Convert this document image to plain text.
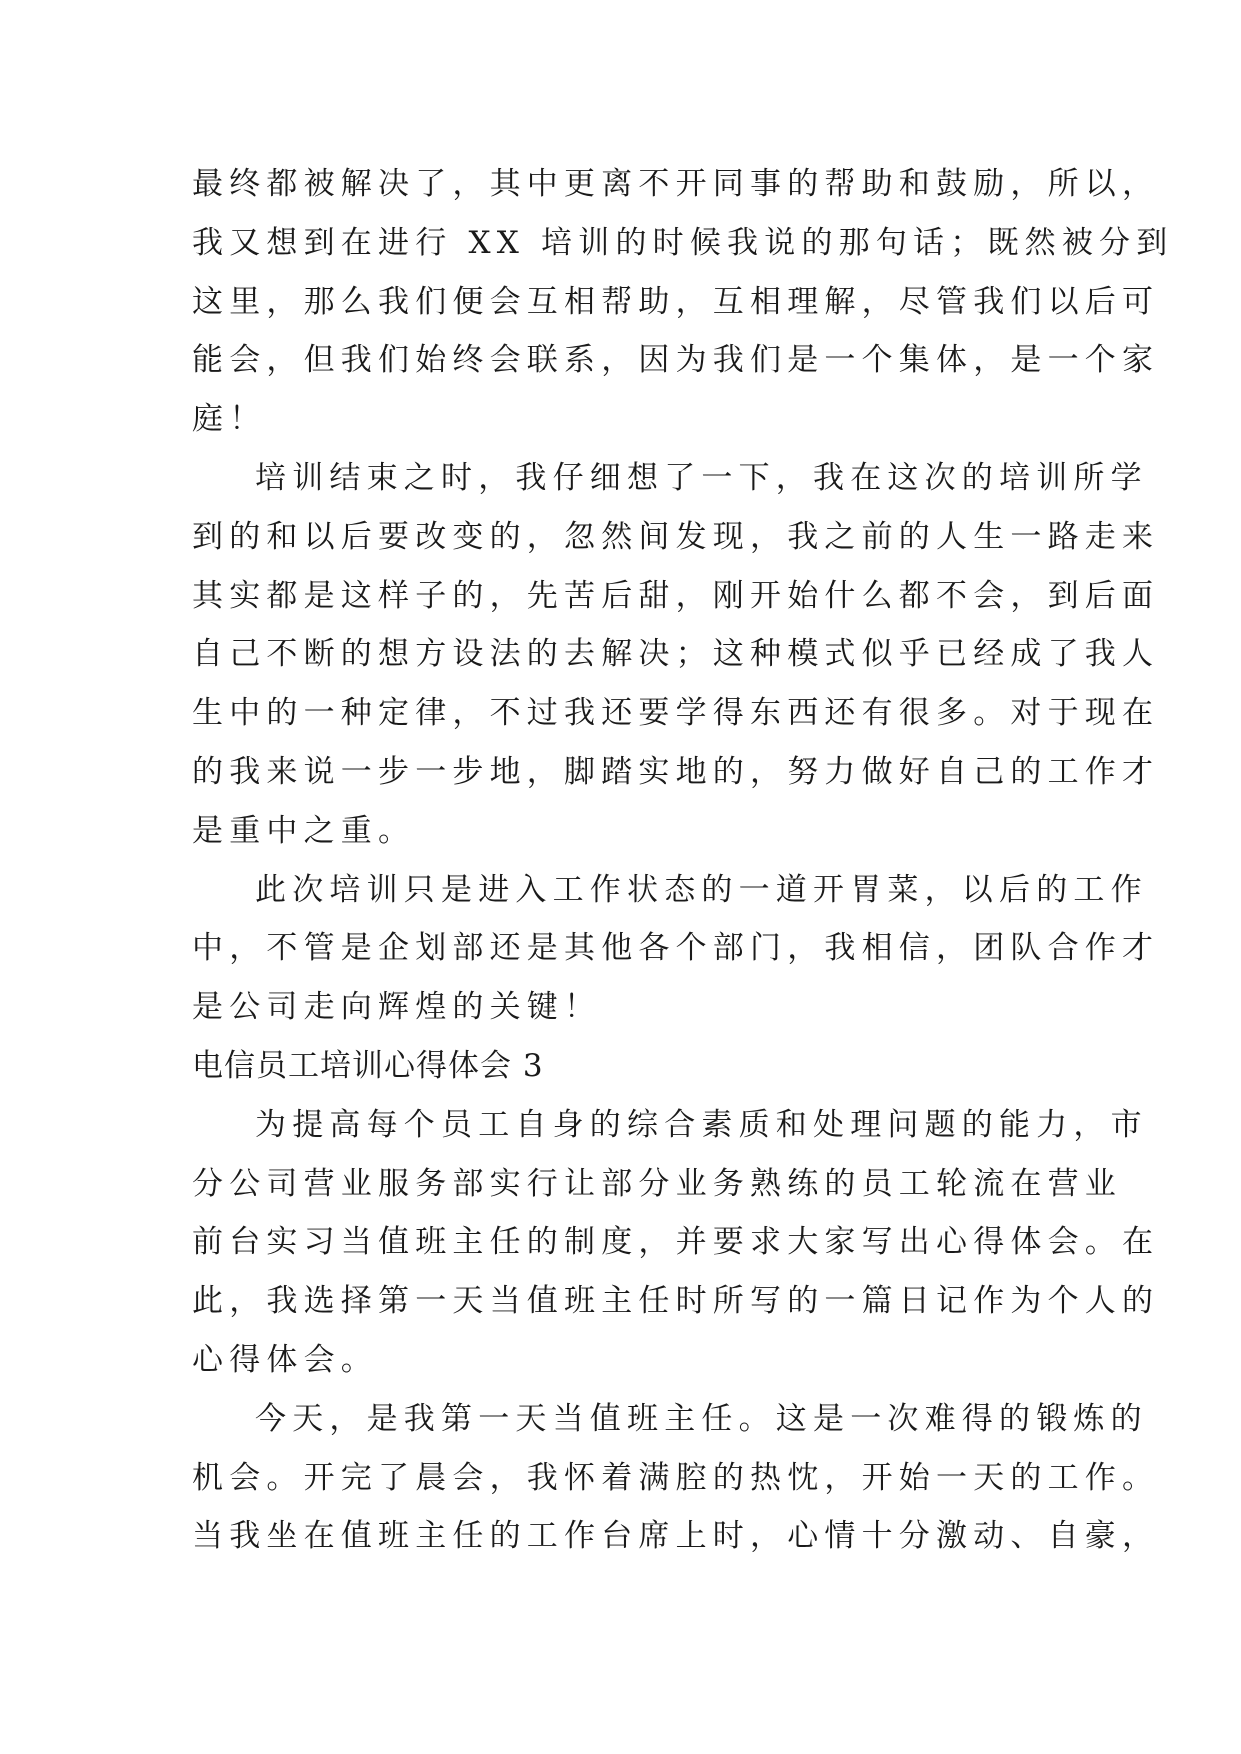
最终都被解决了，其中更离不开同事的帮助和鼓励，所以，
我又想到在进行 XX 培训的时候我说的那句话；既然被分到
这里，那么我们便会互相帮助，互相理解，尽管我们以后可
能会，但我们始终会联系，因为我们是一个集体，是一个家
庭！
培训结束之时，我仔细想了一下，我在这次的培训所学
到的和以后要改变的，忽然间发现，我之前的人生一路走来
其实都是这样子的，先苦后甜，刚开始什么都不会，到后面
自己不断的想方设法的去解决；这种模式似乎已经成了我人
生中的一种定律，不过我还要学得东西还有很多。对于现在
的我来说一步一步地，脚踏实地的，努力做好自己的工作才
是重中之重。
此次培训只是进入工作状态的一道开胃菜，以后的工作
中，不管是企划部还是其他各个部门，我相信，团队合作才
是公司走向辉煌的关键！
电信员工培训心得体会 3
为提高每个员工自身的综合素质和处理问题的能力，市
分公司营业服务部实行让部分业务熟练的员工轮流在营业
前台实习当值班主任的制度，并要求大家写出心得体会。在
此，我选择第一天当值班主任时所写的一篇日记作为个人的
心得体会。
今天，是我第一天当值班主任。这是一次难得的锻炼的
机会。开完了晨会，我怀着满腔的热忱，开始一天的工作。
当我坐在值班主任的工作台席上时，心情十分激动、自豪，
